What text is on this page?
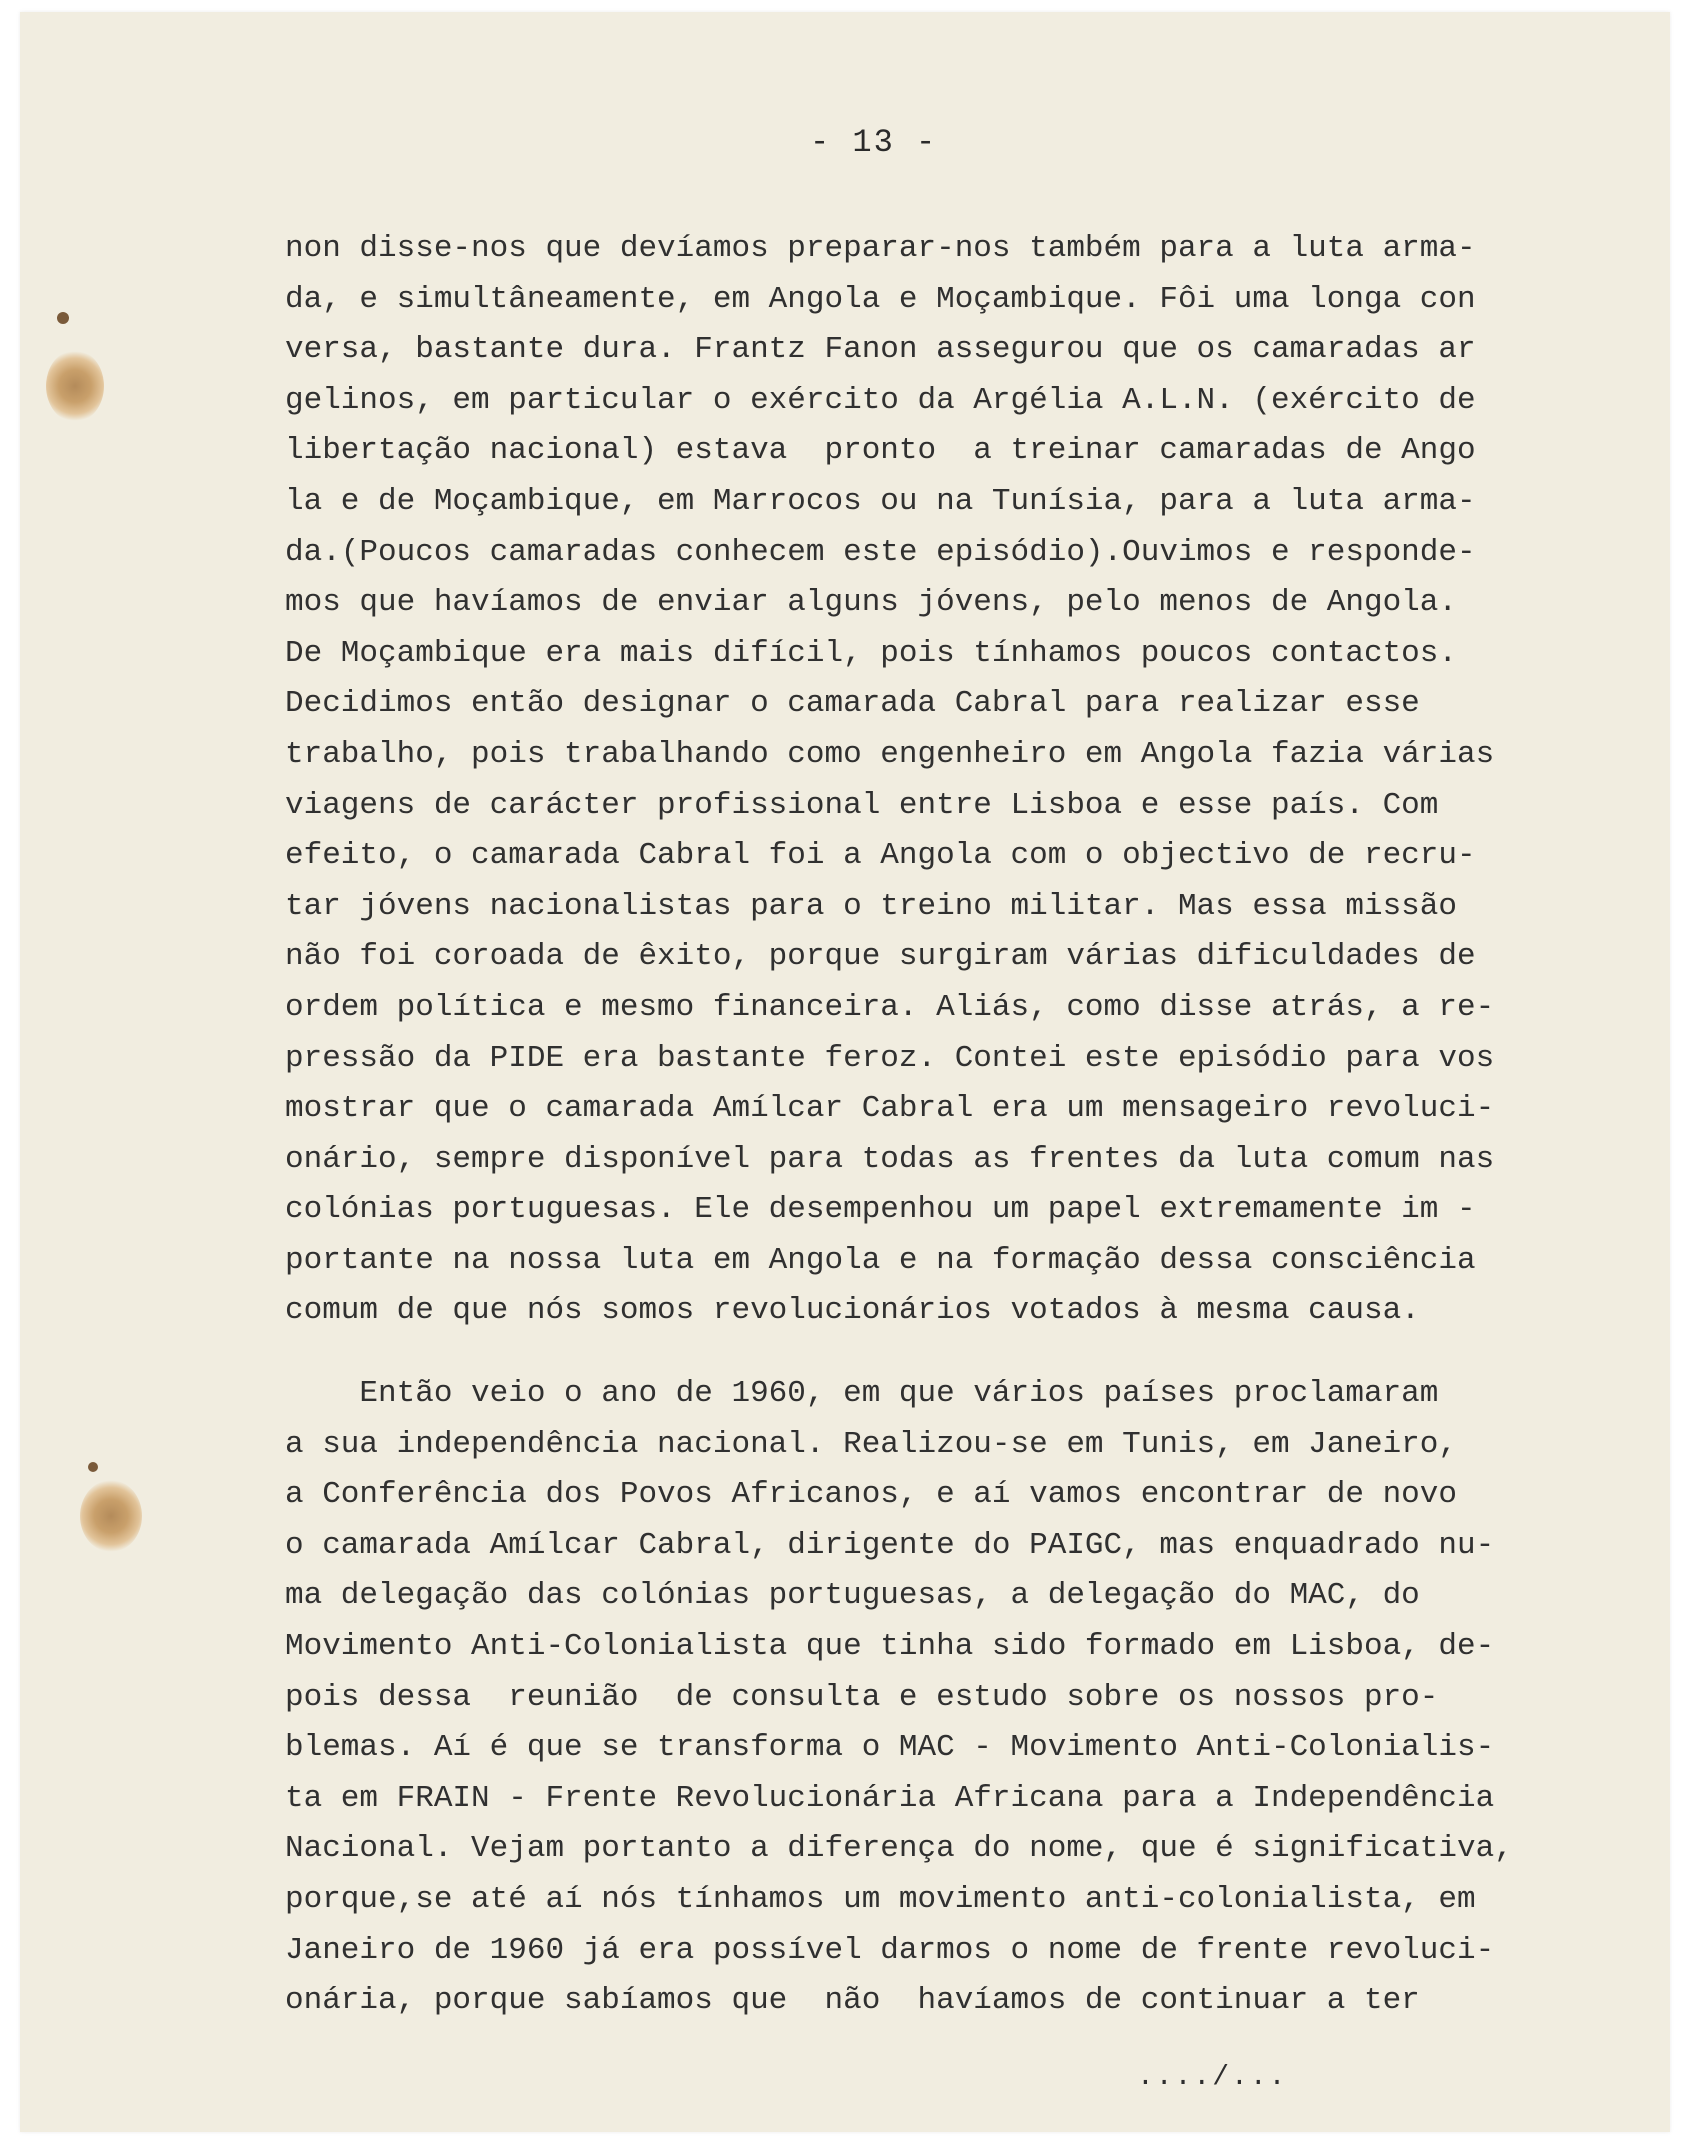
- 13 -
non disse-nos que devíamos preparar-nos também para a luta arma-
da, e simultâneamente, em Angola e Moçambique. Fôi uma longa con
versa, bastante dura. Frantz Fanon assegurou que os camaradas ar
gelinos, em particular o exército da Argélia A.L.N. (exército de
libertação nacional) estava  pronto  a treinar camaradas de Ango
la e de Moçambique, em Marrocos ou na Tunísia, para a luta arma-
da.(Poucos camaradas conhecem este episódio).Ouvimos e responde-
mos que havíamos de enviar alguns jóvens, pelo menos de Angola.
De Moçambique era mais difícil, pois tínhamos poucos contactos.
Decidimos então designar o camarada Cabral para realizar esse
trabalho, pois trabalhando como engenheiro em Angola fazia várias
viagens de carácter profissional entre Lisboa e esse país. Com
efeito, o camarada Cabral foi a Angola com o objectivo de recru-
tar jóvens nacionalistas para o treino militar. Mas essa missão
não foi coroada de êxito, porque surgiram várias dificuldades de
ordem política e mesmo financeira. Aliás, como disse atrás, a re-
pressão da PIDE era bastante feroz. Contei este episódio para vos
mostrar que o camarada Amílcar Cabral era um mensageiro revoluci-
onário, sempre disponível para todas as frentes da luta comum nas
colónias portuguesas. Ele desempenhou um papel extremamente im -
portante na nossa luta em Angola e na formação dessa consciência
comum de que nós somos revolucionários votados à mesma causa.
Então veio o ano de 1960, em que vários países proclamaram
a sua independência nacional. Realizou-se em Tunis, em Janeiro,
a Conferência dos Povos Africanos, e aí vamos encontrar de novo
o camarada Amílcar Cabral, dirigente do PAIGC, mas enquadrado nu-
ma delegação das colónias portuguesas, a delegação do MAC, do
Movimento Anti-Colonialista que tinha sido formado em Lisboa, de-
pois dessa  reunião  de consulta e estudo sobre os nossos pro-
blemas. Aí é que se transforma o MAC - Movimento Anti-Colonialis-
ta em FRAIN - Frente Revolucionária Africana para a Independência
Nacional. Vejam portanto a diferença do nome, que é significativa,
porque,se até aí nós tínhamos um movimento anti-colonialista, em
Janeiro de 1960 já era possível darmos o nome de frente revoluci-
onária, porque sabíamos que  não  havíamos de continuar a ter
..../...
